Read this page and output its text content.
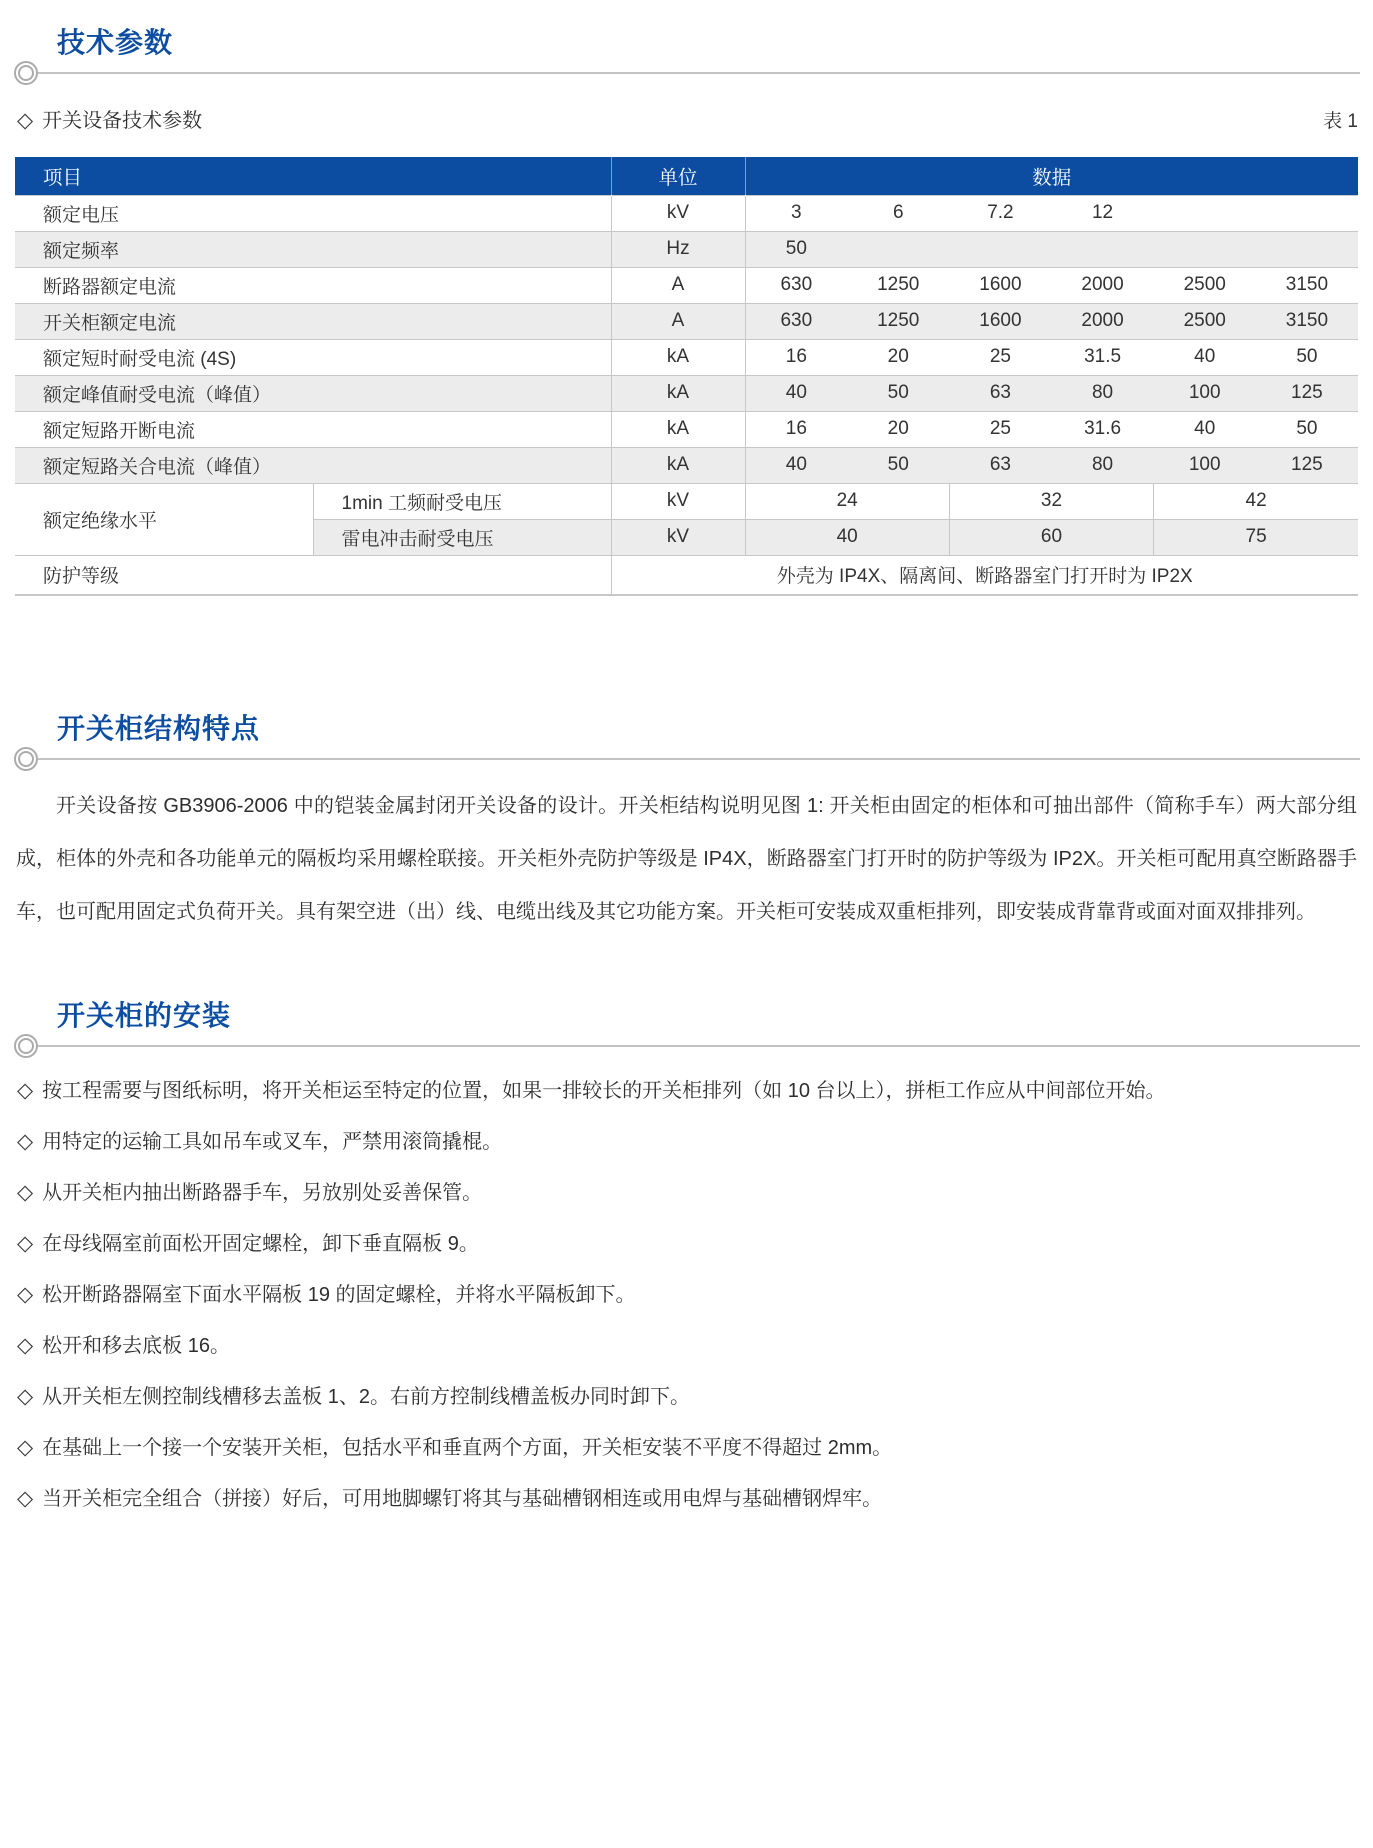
技术参数
◇ 开关设备技术参数	表 1
项目		单位	数据					
额定电压		kV	3	6	7.2	12		
额定频率		Hz	50					
断路器额定电流		A	630	1250	1600	2000	2500	3150
开关柜额定电流		A	630	1250	1600	2000	2500	3150
额定短时耐受电流 (4S)		kA	16	20	25	31.5	40	50
额定峰值耐受电流（峰值）		kA	40	50	63	80	100	125
额定短路开断电流		kA	16	20	25	31.6	40	50
额定短路关合电流（峰值）		kA	40	50	63	80	100	125
额定绝缘水平	1min 工频耐受电压	kV	24		32		42	
	雷电冲击耐受电压	kV	40		60		75	
防护等级		外壳为 IP4X、隔离间、断路器室门打开时为 IP2X						
开关柜结构特点

开关设备按 GB3906-2006 中的铠装金属封闭开关设备的设计。开关柜结构说明见图 1: 开关柜由固定的柜体和可抽出部件（简称手车）两大部分组成，柜体的外壳和各功能单元的隔板均采用螺栓联接。开关柜外壳防护等级是 IP4X，断路器室门打开时的防护等级为 IP2X。开关柜可配用真空断路器手车，也可配用固定式负荷开关。具有架空进（出）线、电缆出线及其它功能方案。开关柜可安装成双重柜排列，即安装成背靠背或面对面双排排列。

开关柜的安装
◇ 按工程需要与图纸标明，将开关柜运至特定的位置，如果一排较长的开关柜排列（如 10 台以上），拼柜工作应从中间部位开始。
◇ 用特定的运输工具如吊车或叉车，严禁用滚筒撬棍。
◇ 从开关柜内抽出断路器手车，另放别处妥善保管。
◇ 在母线隔室前面松开固定螺栓，卸下垂直隔板 9。
◇ 松开断路器隔室下面水平隔板 19 的固定螺栓，并将水平隔板卸下。
◇ 松开和移去底板 16。
◇ 从开关柜左侧控制线槽移去盖板 1、2。右前方控制线槽盖板办同时卸下。
◇ 在基础上一个接一个安装开关柜，包括水平和垂直两个方面，开关柜安装不平度不得超过 2mm。
◇ 当开关柜完全组合（拼接）好后，可用地脚螺钉将其与基础槽钢相连或用电焊与基础槽钢焊牢。
